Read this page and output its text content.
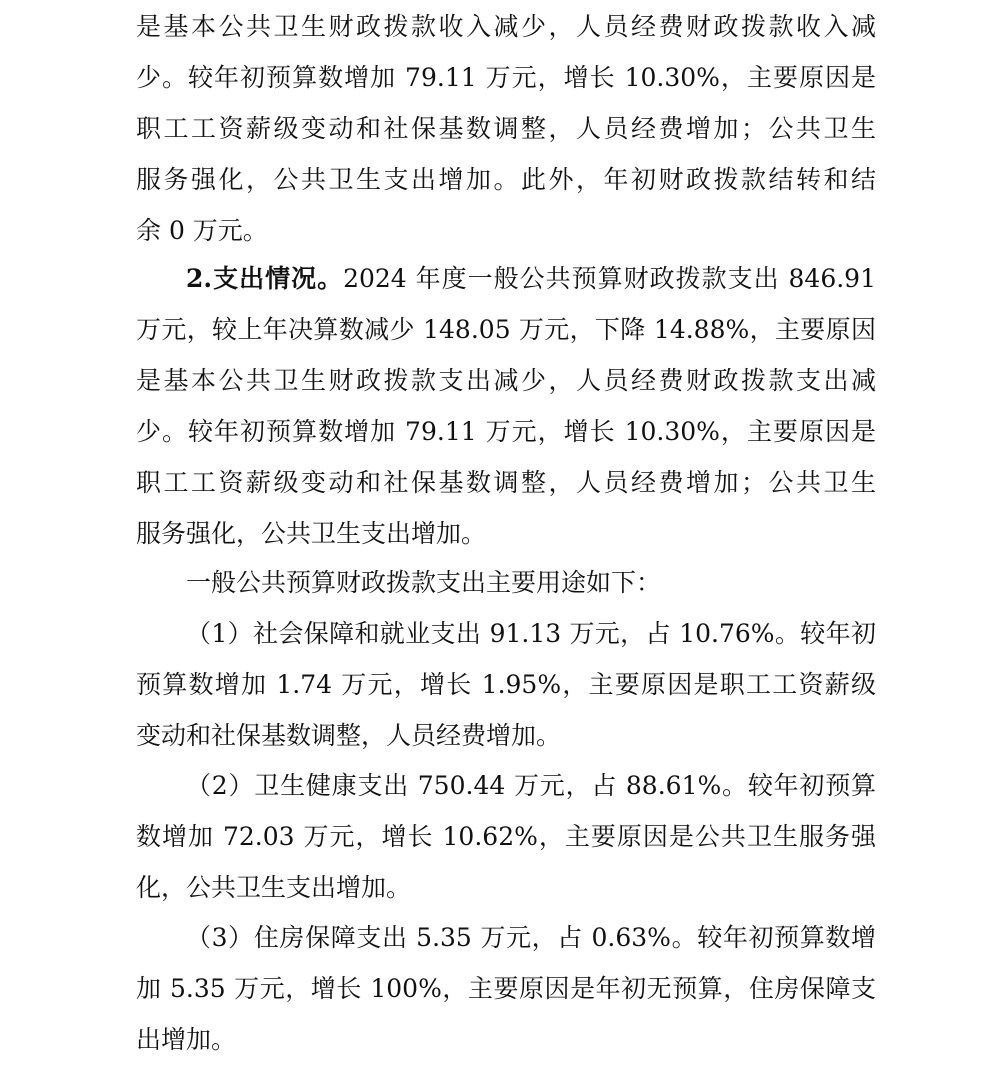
是基本公共卫生财政拨款收入减少，人员经费财政拨款收入减
少。较年初预算数增加 79.11 万元，增长 10.30%，主要原因是
职工工资薪级变动和社保基数调整，人员经费增加；公共卫生
服务强化，公共卫生支出增加。此外，年初财政拨款结转和结
余 0 万元。
2.支出情况。2024 年度一般公共预算财政拨款支出 846.91
万元，较上年决算数减少 148.05 万元，下降 14.88%，主要原因
是基本公共卫生财政拨款支出减少，人员经费财政拨款支出减
少。较年初预算数增加 79.11 万元，增长 10.30%，主要原因是
职工工资薪级变动和社保基数调整，人员经费增加；公共卫生
服务强化，公共卫生支出增加。
一般公共预算财政拨款支出主要用途如下：
（1）社会保障和就业支出 91.13 万元，占 10.76%。较年初
预算数增加 1.74 万元，增长 1.95%，主要原因是职工工资薪级
变动和社保基数调整，人员经费增加。
（2）卫生健康支出 750.44 万元，占 88.61%。较年初预算
数增加 72.03 万元，增长 10.62%，主要原因是公共卫生服务强
化，公共卫生支出增加。
（3）住房保障支出 5.35 万元，占 0.63%。较年初预算数增
加 5.35 万元，增长 100%，主要原因是年初无预算，住房保障支
出增加。
